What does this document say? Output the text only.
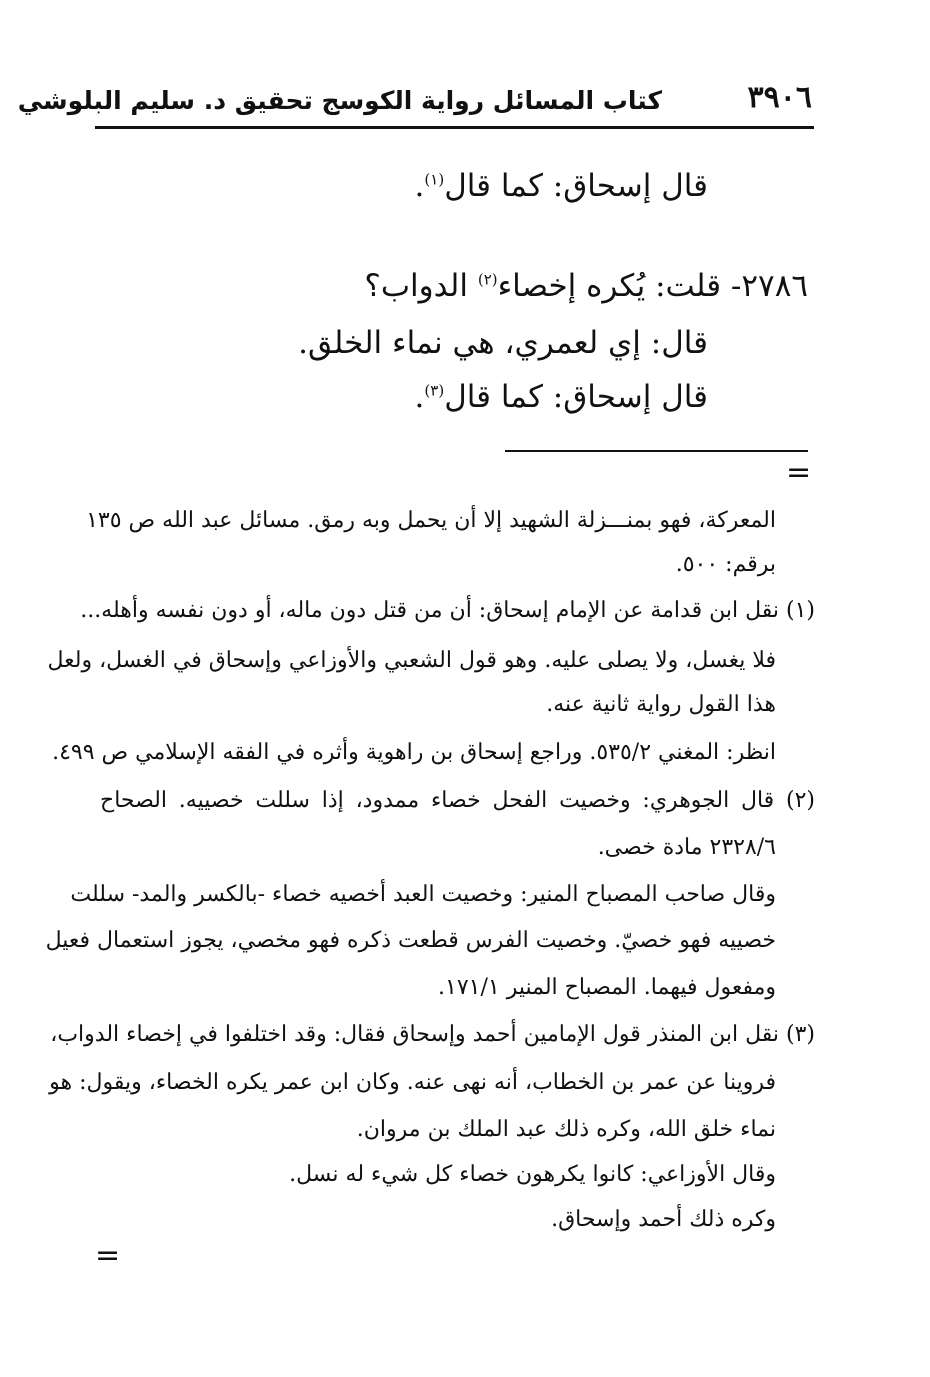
كتاب المسائل رواية الكوسج تحقيق د. سليم البلوشي	٣٩٠٦
قال إسحاق: كما قال$^{(١)}$.
٢٧٨٦- قلت: يُكره إخصاء$^{(٢)}$ الدواب؟
قال: إي لعمري، هي نماء الخلق.
قال إسحاق: كما قال$^{(٣)}$.
=
المعركة، فهو بمنـــزلة الشهيد إلا أن يحمل وبه رمق. مسائل عبد الله ص ١٣٥
برقم: ٥٠٠.
(١) نقل ابن قدامة عن الإمام إسحاق: أن من قتل دون ماله، أو دون نفسه وأهله...
فلا يغسل، ولا يصلى عليه. وهو قول الشعبي والأوزاعي وإسحاق في الغسل، ولعل
هذا القول رواية ثانية عنه.
انظر: المغني ٥٣٥/٢. وراجع إسحاق بن راهوية وأثره في الفقه الإسلامي ص ٤٩٩.
(٢) قال الجوهري: وخصيت الفحل خصاء ممدود، إذا سللت خصييه. الصحاح
٢٣٢٨/٦ مادة خصى.
وقال صاحب المصباح المنير: وخصيت العبد أخصيه خصاء -بالكسر والمد- سللت
خصييه فهو خصيّ. وخصيت الفرس قطعت ذكره فهو مخصي، يجوز استعمال فعيل
ومفعول فيهما. المصباح المنير ١٧١/١.
(٣) نقل ابن المنذر قول الإمامين أحمد وإسحاق فقال: وقد اختلفوا في إخصاء الدواب،
فروينا عن عمر بن الخطاب، أنه نهى عنه. وكان ابن عمر يكره الخصاء، ويقول: هو
نماء خلق الله، وكره ذلك عبد الملك بن مروان.
وقال الأوزاعي: كانوا يكرهون خصاء كل شيء له نسل.
وكره ذلك أحمد وإسحاق.
=
